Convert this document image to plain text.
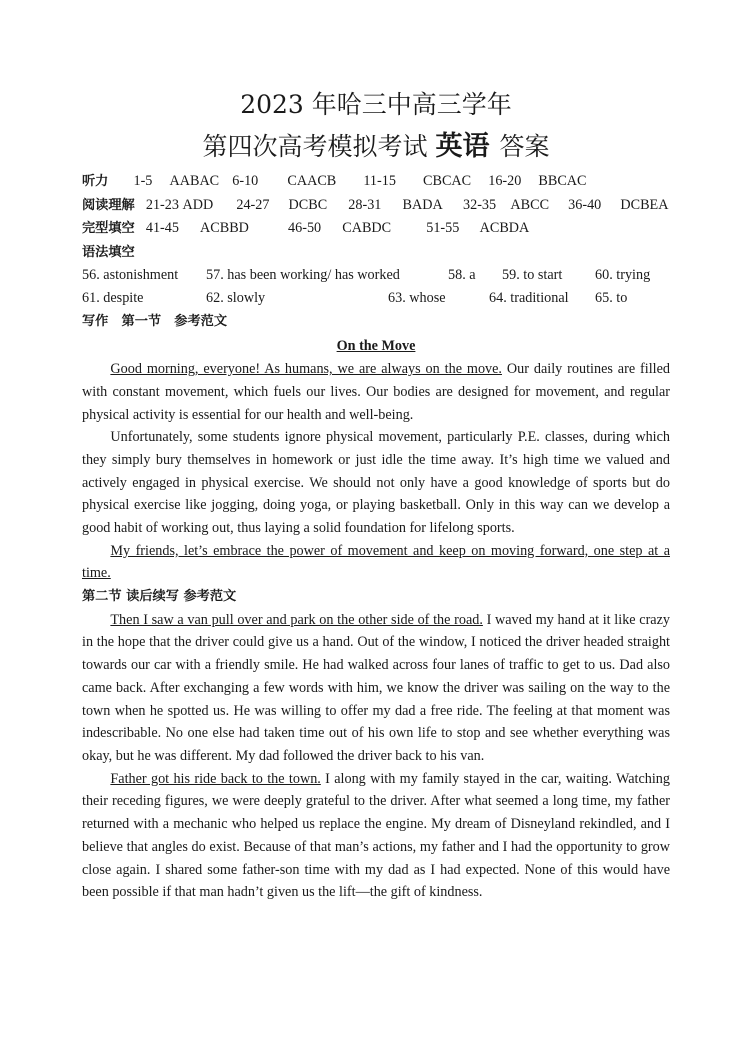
2023 年哈三中高三学年
第四次高考模拟考试 英语 答案
听力 1-5 AABAC 6-10 CAACB 11-15 CBCAC 16-20 BBCAC
阅读理解 21-23 ADD 24-27 DCBC 28-31 BADA 32-35 ABCC 36-40 DCBEA
完型填空 41-45 ACBBD	46-50 CABDC 51-55 ACBDA
语法填空
56. astonishment 57. has been working/ has worked	58. a 59. to start 60. trying
61. despite	62. slowly	63. whose	64. traditional 65. to
写作　第一节　参考范文
On the Move

Good morning, everyone! As humans, we are always on the move. Our daily routines are filled with constant movement, which fuels our lives. Our bodies are designed for movement, and regular physical activity is essential for our health and well-being.

Unfortunately, some students ignore physical movement, particularly P.E. classes, during which they simply bury themselves in homework or just idle the time away. It’s high time we valued and actively engaged in physical exercise. We should not only have a good knowledge of sports but do physical exercise like jogging, doing yoga, or playing basketball. Only in this way can we develop a good habit of working out, thus laying a solid foundation for lifelong sports.

My friends, let’s embrace the power of movement and keep on moving forward, one step at a time.

第二节 读后续写 参考范文

Then I saw a van pull over and park on the other side of the road. I waved my hand at it like crazy in the hope that the driver could give us a hand. Out of the window, I noticed the driver headed straight towards our car with a friendly smile. He had walked across four lanes of traffic to get to us. Dad also came back. After exchanging a few words with him, we know the driver was sailing on the way to the town when he spotted us. He was willing to offer my dad a free ride. The feeling at that moment was indescribable. No one else had taken time out of his own life to stop and see whether everything was okay, but he was different. My dad followed the driver back to his van.

Father got his ride back to the town. I along with my family stayed in the car, waiting. Watching their receding figures, we were deeply grateful to the driver. After what seemed a long time, my father returned with a mechanic who helped us replace the engine. My dream of Disneyland rekindled, and I believe that angles do exist. Because of that man’s actions, my father and I had the opportunity to grow close again. I shared some father-son time with my dad as I had expected. None of this would have been possible if that man hadn’t given us the lift—the gift of kindness.
